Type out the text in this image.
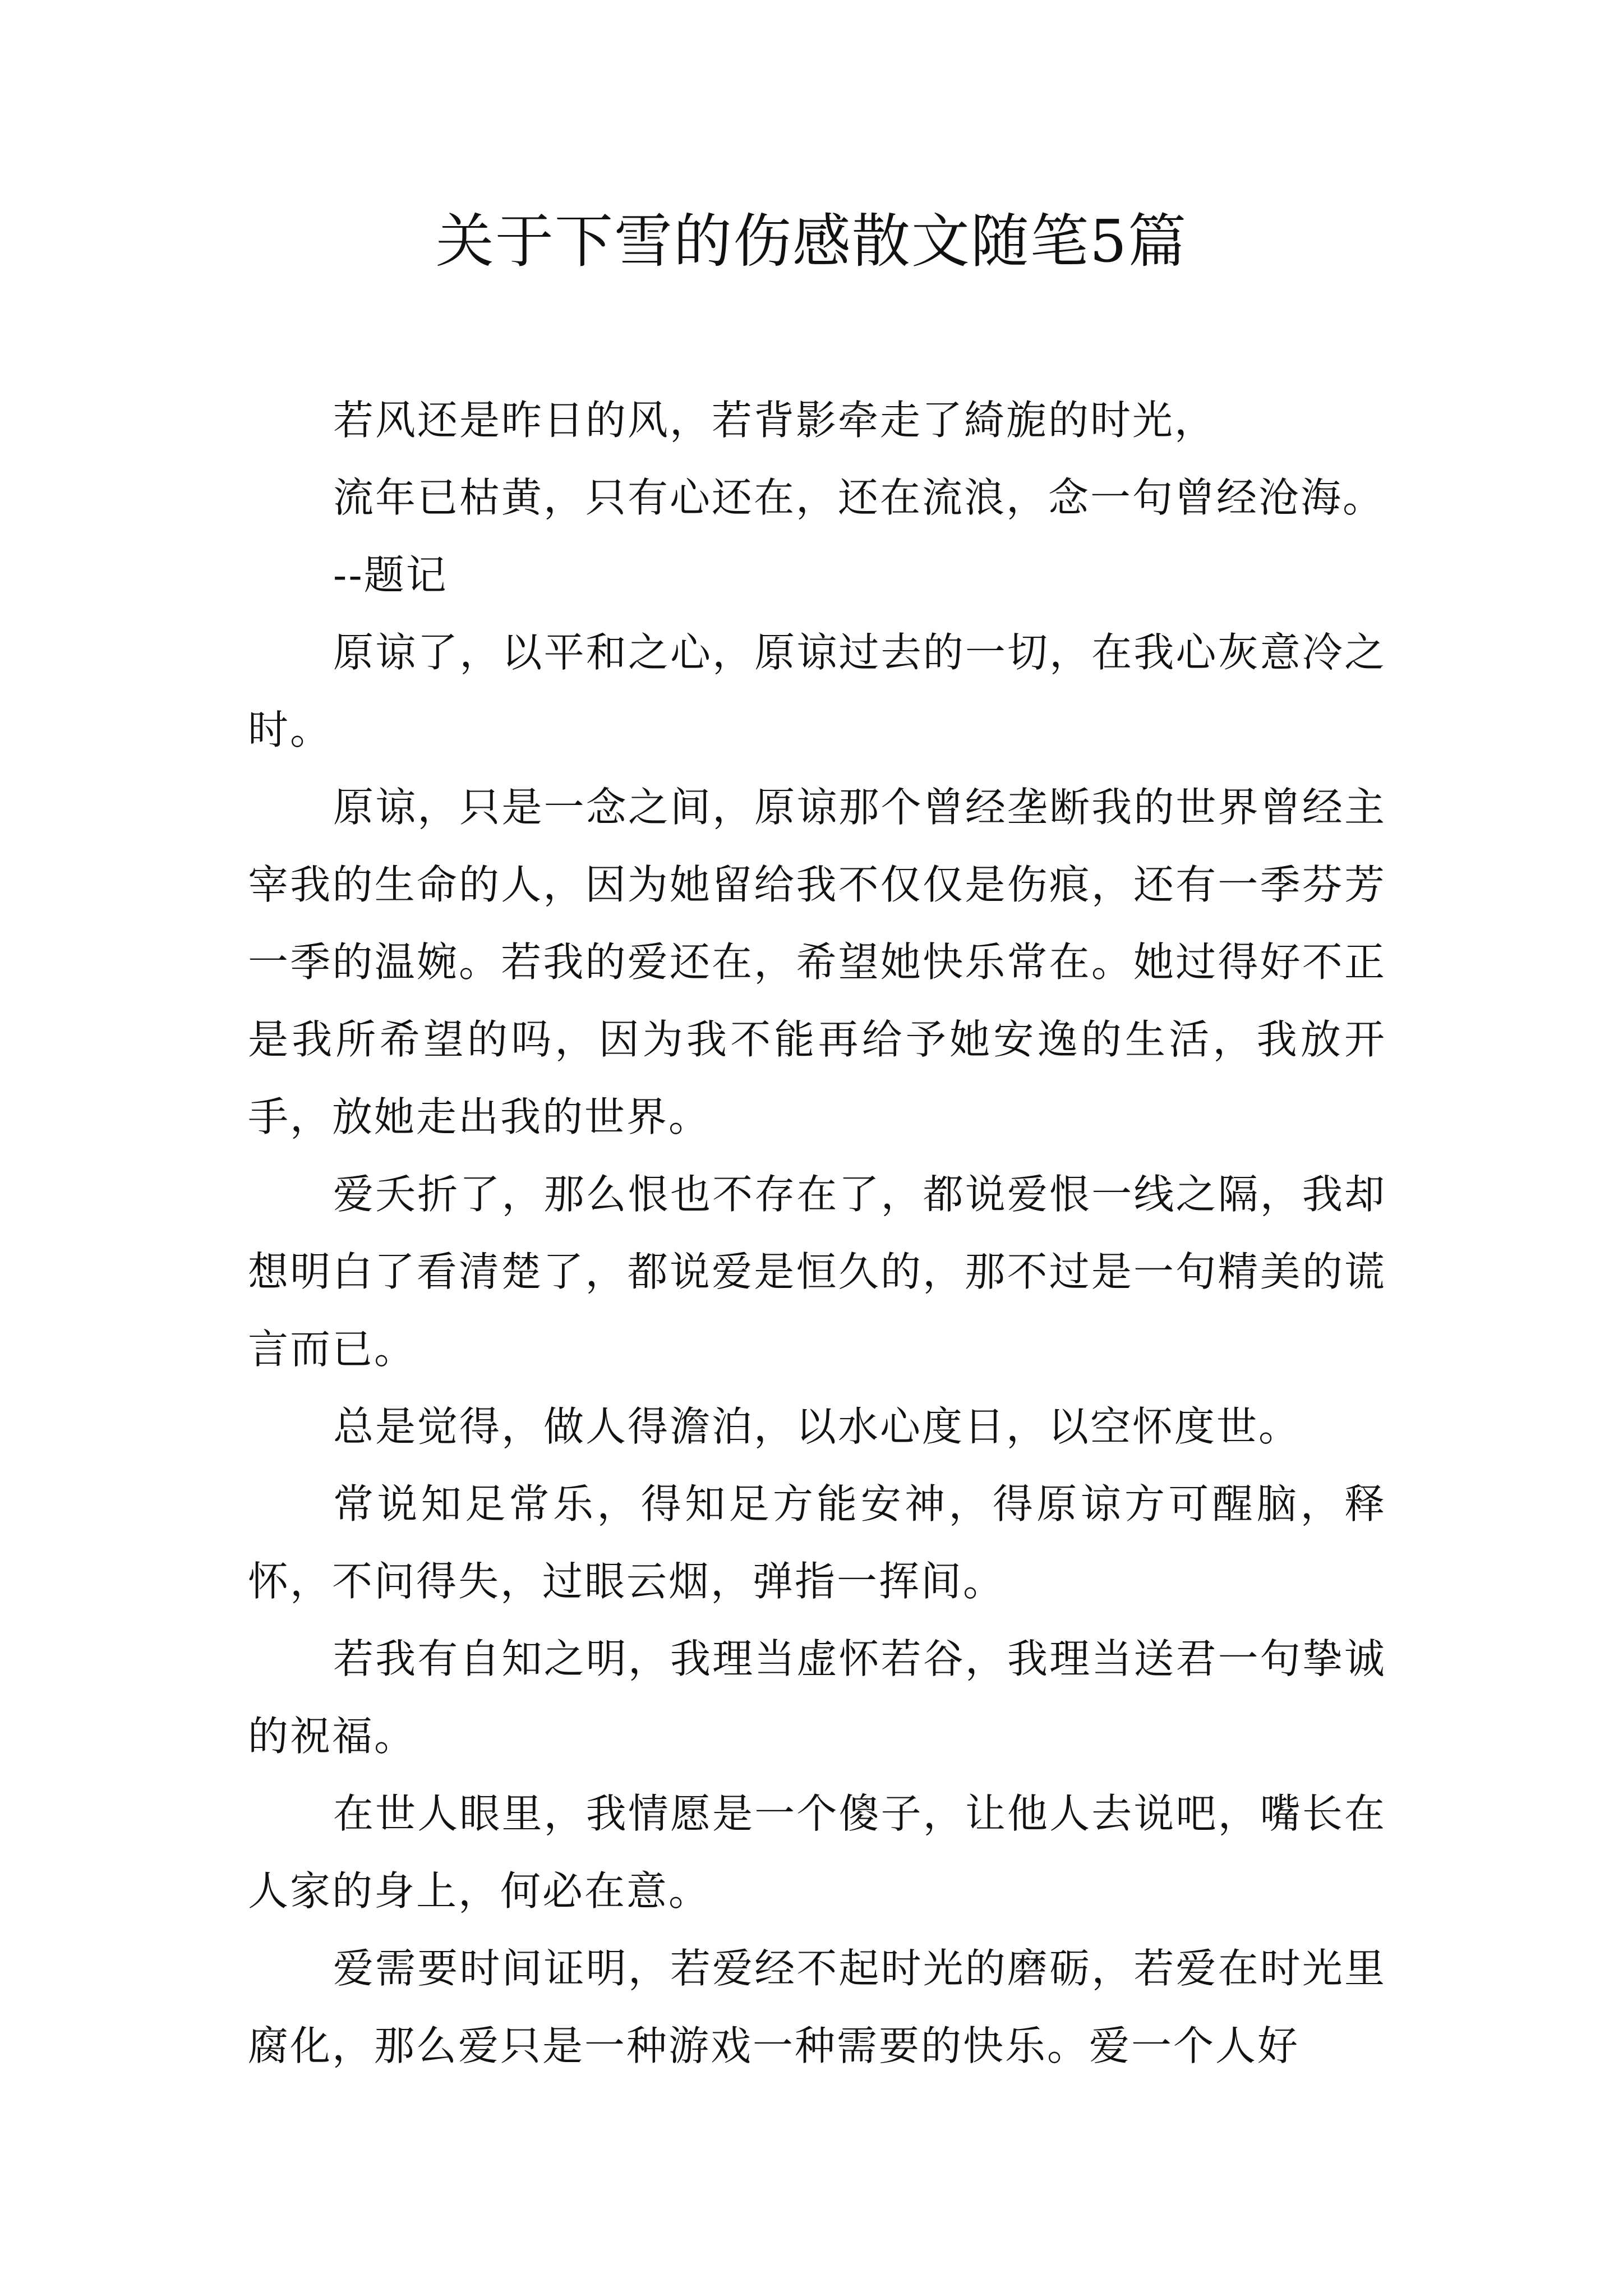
关于下雪的伤感散文随笔5篇

若风还是昨日的风，若背影牵走了綺旎的时光，

流年已枯黄，只有心还在，还在流浪，念一句曾经沧海。

--题记

原谅了，以平和之心，原谅过去的一切，在我心灰意冷之时。

原谅，只是一念之间，原谅那个曾经垄断我的世界曾经主宰我的生命的人，因为她留给我不仅仅是伤痕，还有一季芬芳一季的温婉。若我的爱还在，希望她快乐常在。她过得好不正是我所希望的吗，因为我不能再给予她安逸的生活，我放开手，放她走出我的世界。

爱夭折了，那么恨也不存在了，都说爱恨一线之隔，我却想明白了看清楚了，都说爱是恒久的，那不过是一句精美的谎言而已。

总是觉得，做人得澹泊，以水心度日，以空怀度世。

常说知足常乐，得知足方能安神，得原谅方可醒脑，释怀，不问得失，过眼云烟，弹指一挥间。

若我有自知之明，我理当虚怀若谷，我理当送君一句挚诚的祝福。

在世人眼里，我情愿是一个傻子，让他人去说吧，嘴长在人家的身上，何必在意。

爱需要时间证明，若爱经不起时光的磨砺，若爱在时光里腐化，那么爱只是一种游戏一种需要的快乐。爱一个人好
